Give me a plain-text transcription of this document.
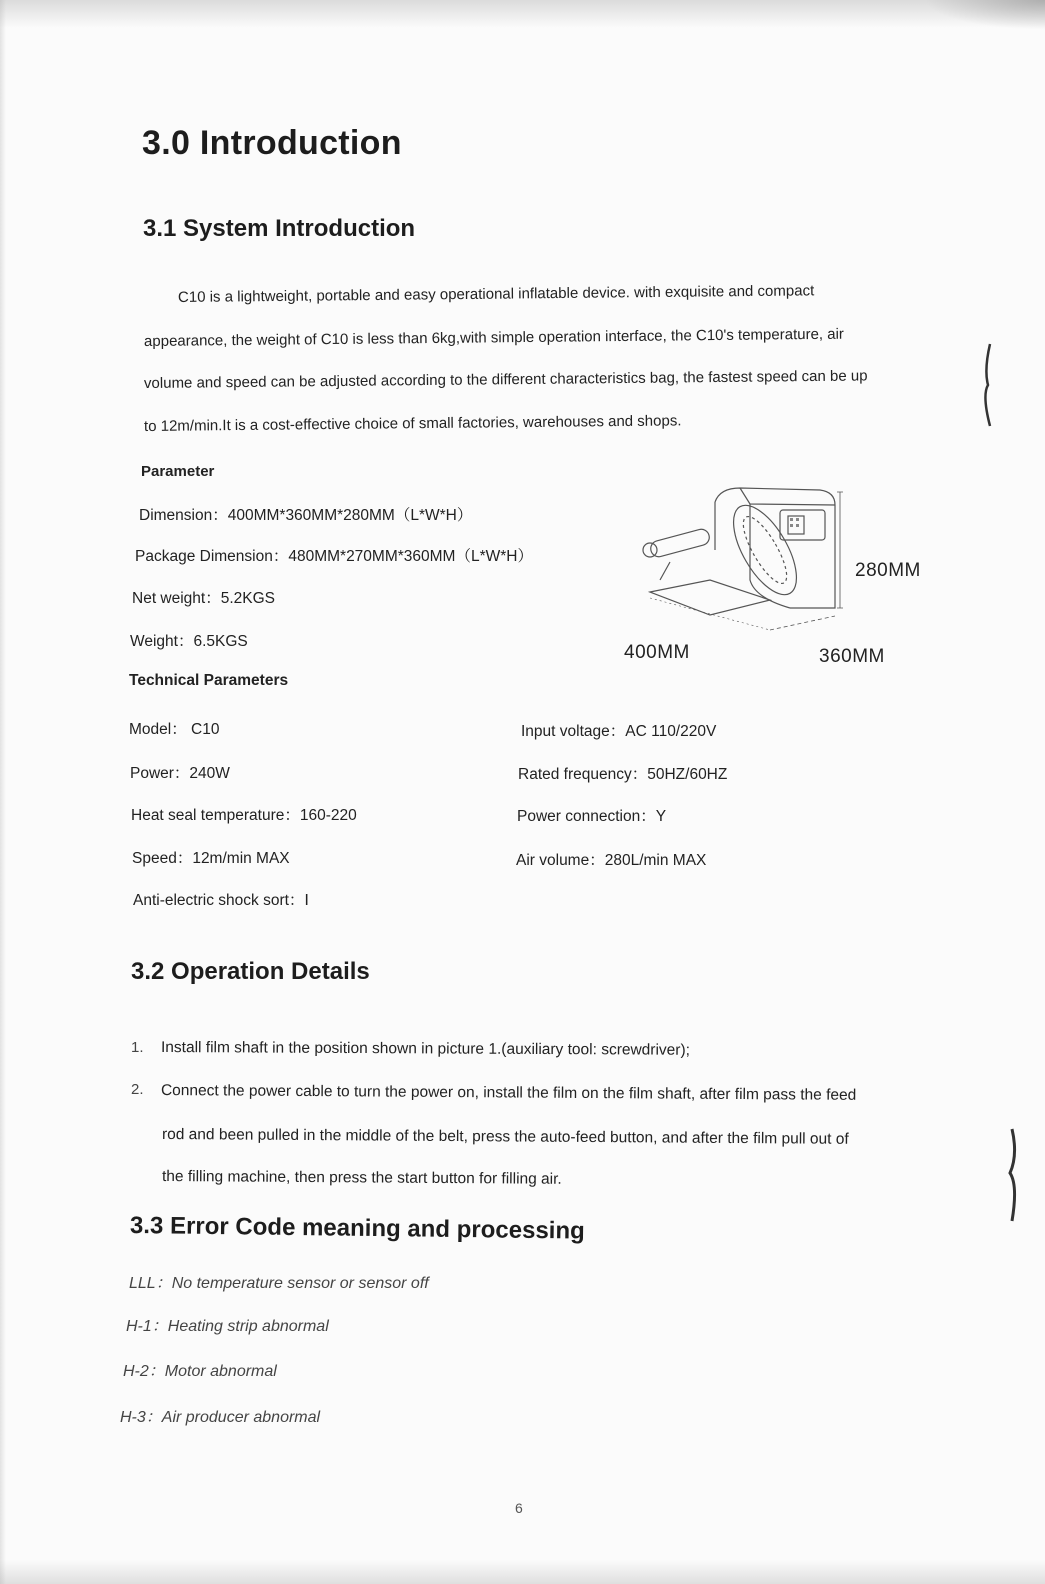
3.0 Introduction
3.1 System Introduction
C10 is a lightweight, portable and easy operational inflatable device. with exquisite and compact
appearance, the weight of C10 is less than 6kg,with simple operation interface, the C10's temperature, air
volume and speed can be adjusted according to the different characteristics bag, the fastest speed can be up
to 12m/min.It is a cost-effective choice of small factories, warehouses and shops.
Parameter
Dimension：400MM*360MM*280MM（L*W*H）
Package Dimension：480MM*270MM*360MM（L*W*H）
Net weight：5.2KGS
Weight：6.5KGS
280MM
400MM	360MM
Technical Parameters
Model： C10
Power：240W
Heat seal temperature：160-220
Speed：12m/min MAX
Anti-electric shock sort：Ⅰ
Input voltage：AC 110/220V
Rated frequency：50HZ/60HZ
Power connection：Y
Air volume：280L/min MAX
3.2 Operation Details
1. Install film shaft in the position shown in picture 1.(auxiliary tool: screwdriver);
2. Connect the power cable to turn the power on, install the film on the film shaft, after film pass the feed
rod and been pulled in the middle of the belt, press the auto-feed button, and after the film pull out of
the filling machine, then press the start button for filling air.
3.3 Error Code meaning and processing
LLL：No temperature sensor or sensor off
H-1：Heating strip abnormal
H-2：Motor abnormal
H-3：Air producer abnormal
6
